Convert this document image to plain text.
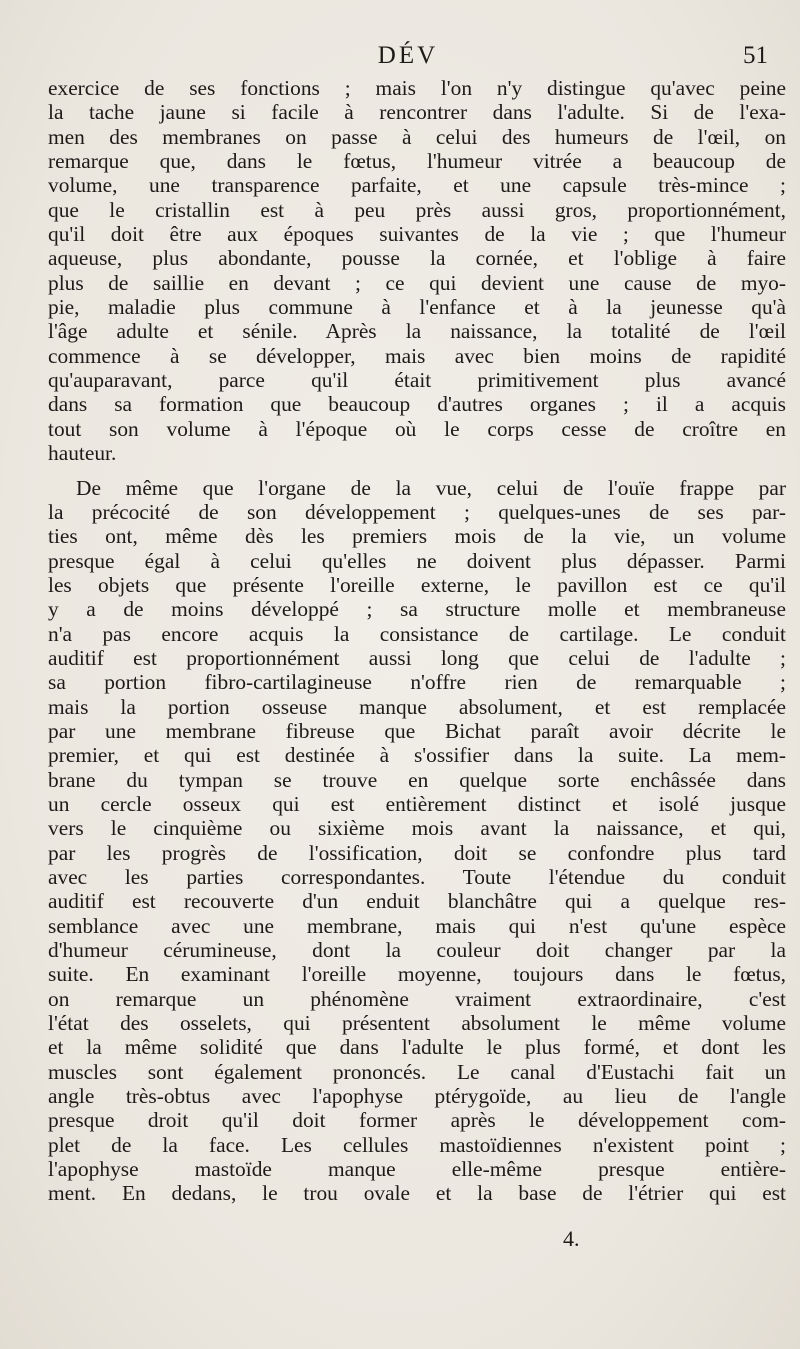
DÉV	51
exercice de ses fonctions ; mais l'on n'y distingue qu'avec peine
la tache jaune si facile à rencontrer dans l'adulte. Si de l'exa-
men des membranes on passe à celui des humeurs de l'œil, on
remarque que, dans le fœtus, l'humeur vitrée a beaucoup de
volume, une transparence parfaite, et une capsule très-mince ;
que le cristallin est à peu près aussi gros, proportionnément,
qu'il doit être aux époques suivantes de la vie ; que l'humeur
aqueuse, plus abondante, pousse la cornée, et l'oblige à faire
plus de saillie en devant ; ce qui devient une cause de myo-
pie, maladie plus commune à l'enfance et à la jeunesse qu'à
l'âge adulte et sénile. Après la naissance, la totalité de l'œil
commence à se développer, mais avec bien moins de rapidité
qu'auparavant, parce qu'il était primitivement plus avancé
dans sa formation que beaucoup d'autres organes ; il a acquis
tout son volume à l'époque où le corps cesse de croître en
hauteur.
De même que l'organe de la vue, celui de l'ouïe frappe par
la précocité de son développement ; quelques-unes de ses par-
ties ont, même dès les premiers mois de la vie, un volume
presque égal à celui qu'elles ne doivent plus dépasser. Parmi
les objets que présente l'oreille externe, le pavillon est ce qu'il
y a de moins développé ; sa structure molle et membraneuse
n'a pas encore acquis la consistance de cartilage. Le conduit
auditif est proportionnément aussi long que celui de l'adulte ;
sa portion fibro-cartilagineuse n'offre rien de remarquable ;
mais la portion osseuse manque absolument, et est remplacée
par une membrane fibreuse que Bichat paraît avoir décrite le
premier, et qui est destinée à s'ossifier dans la suite. La mem-
brane du tympan se trouve en quelque sorte enchâssée dans
un cercle osseux qui est entièrement distinct et isolé jusque
vers le cinquième ou sixième mois avant la naissance, et qui,
par les progrès de l'ossification, doit se confondre plus tard
avec les parties correspondantes. Toute l'étendue du conduit
auditif est recouverte d'un enduit blanchâtre qui a quelque res-
semblance avec une membrane, mais qui n'est qu'une espèce
d'humeur cérumineuse, dont la couleur doit changer par la
suite. En examinant l'oreille moyenne, toujours dans le fœtus,
on remarque un phénomène vraiment extraordinaire, c'est
l'état des osselets, qui présentent absolument le même volume
et la même solidité que dans l'adulte le plus formé, et dont les
muscles sont également prononcés. Le canal d'Eustachi fait un
angle très-obtus avec l'apophyse ptérygoïde, au lieu de l'angle
presque droit qu'il doit former après le développement com-
plet de la face. Les cellules mastoïdiennes n'existent point ;
l'apophyse mastoïde manque elle-même presque entière-
ment. En dedans, le trou ovale et la base de l'étrier qui est
4.
